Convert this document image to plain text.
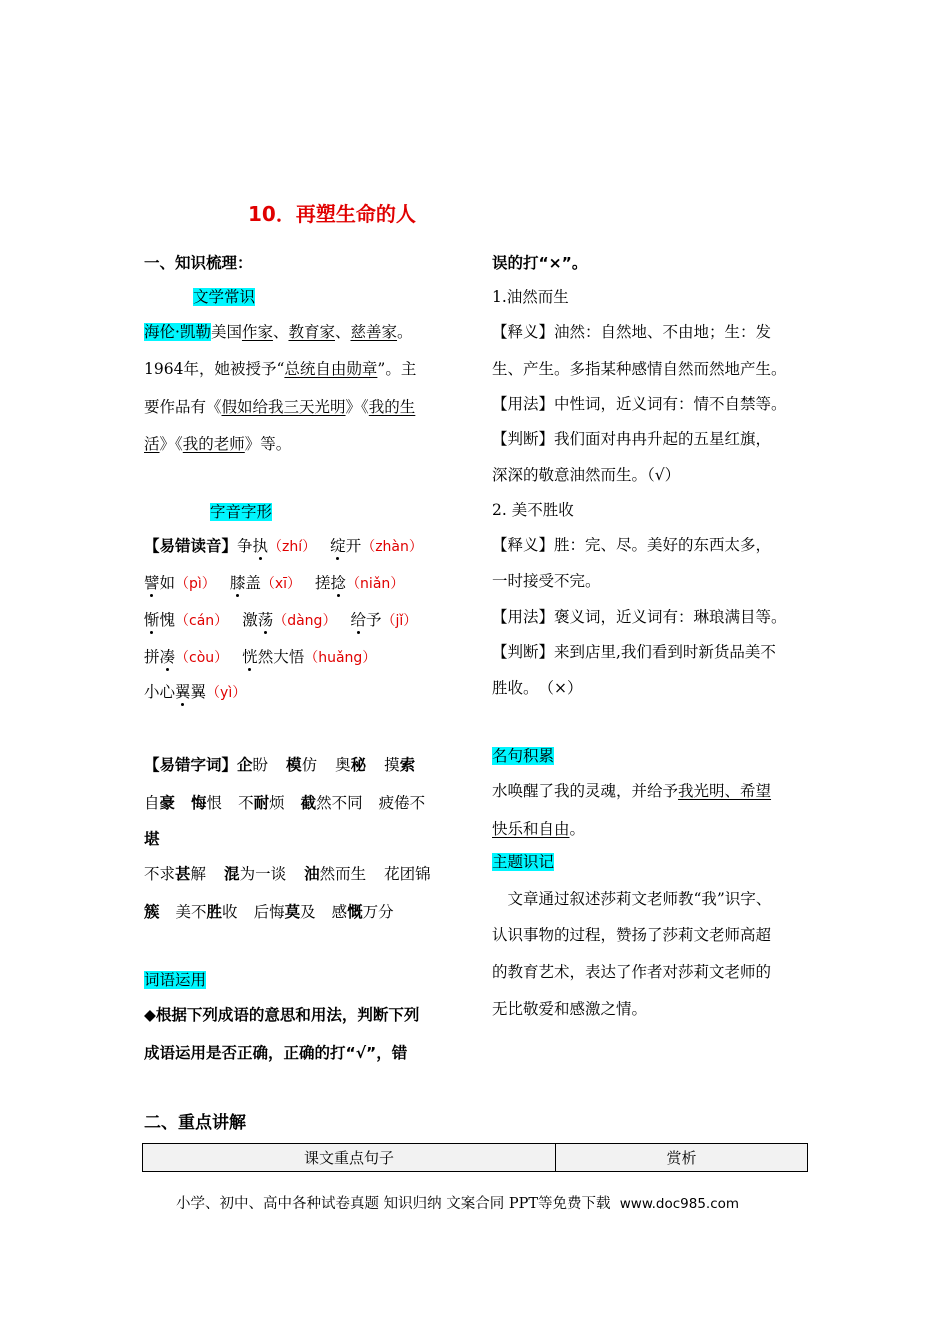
10．再塑生命的人
一、知识梳理：
文学常识
海伦·凯勒美国作家、教育家、慈善家。
1964年，她被授予“总统自由勋章”。主
要作品有《假如给我三天光明》《我的生
活》《我的老师》等。
字音字形
【易错读音】争执（zhí） 绽开（zhàn）
譬如（pì） 膝盖（xī） 搓捻（niǎn）
惭愧（cán） 激荡（dàng） 给予（jǐ）
拼凑（còu） 恍然大悟（huǎng）
小心翼翼（yì）
【易错字词】企盼 模仿 奥秘 摸索
自豪 悔恨 不耐烦 截然不同 疲倦不
堪
不求甚解 混为一谈 油然而生 花团锦
簇 美不胜收 后悔莫及 感慨万分
词语运用
◆根据下列成语的意思和用法，判断下列
成语运用是否正确，正确的打“√”，错
误的打“×”。
1.油然而生
【释义】油然：自然地、不由地；生：发
生、产生。多指某种感情自然而然地产生。
【用法】中性词，近义词有：情不自禁等。
【判断】我们面对冉冉升起的五星红旗，
深深的敬意油然而生。（√）
2. 美不胜收
【释义】胜：完、尽。美好的东西太多，
一时接受不完。
【用法】褒义词，近义词有：琳琅满目等。
【判断】来到店里,我们看到时新货品美不
胜收。　（×）
名句积累
水唤醒了我的灵魂，并给予我光明、希望
快乐和自由。
主题识记
　文章通过叙述莎莉文老师教“我”识字、
认识事物的过程，赞扬了莎莉文老师高超
的教育艺术，表达了作者对莎莉文老师的
无比敬爱和感激之情。
二、重点讲解
课文重点句子	赏析
小学、初中、高中各种试卷真题 知识归纳 文案合同 PPT等免费下载 www.doc985.com
